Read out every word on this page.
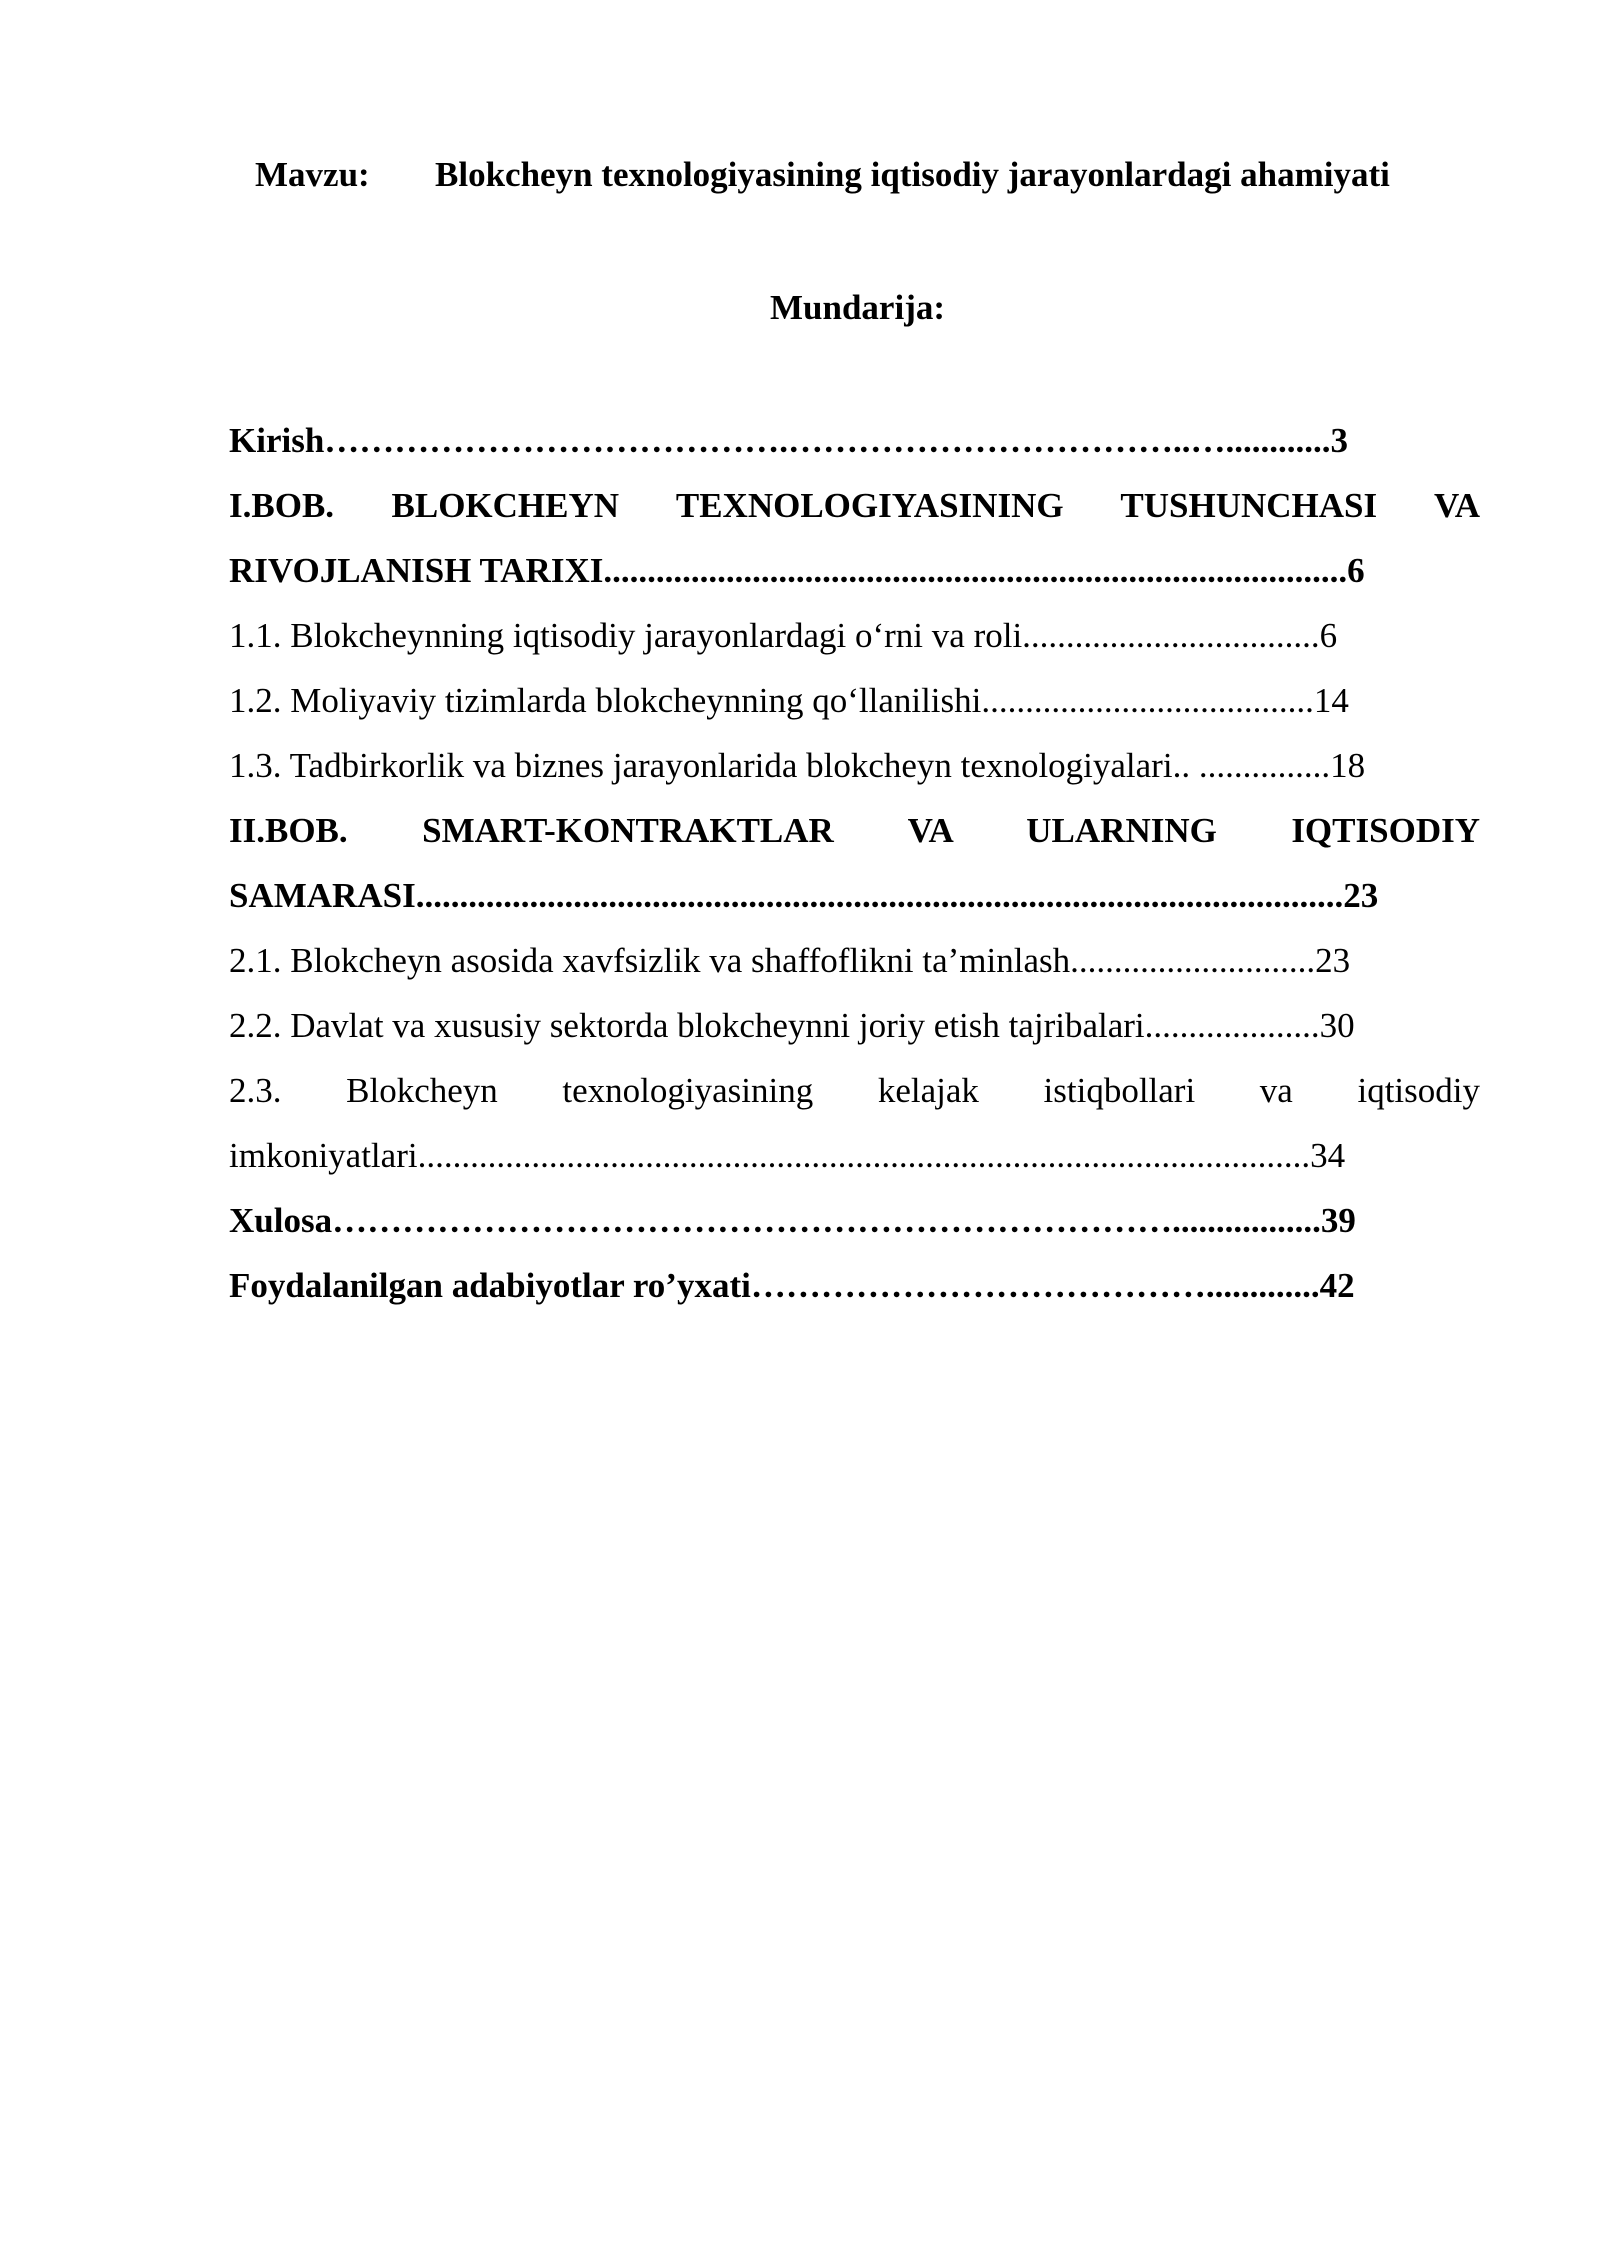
Mavzu: Blokcheyn texnologiyasining iqtisodiy jarayonlardagi ahamiyati
Mundarija:
Kirish………………………………….……………………………..…............3
I.BOB. BLOKCHEYN TEXNOLOGIYASINING TUSHUNCHASI VA
RIVOJLANISH TARIXI.....................................................................................6
1.1. Blokcheynning iqtisodiy jarayonlardagi o‘rni va roli..................................6
1.2. Moliyaviy tizimlarda blokcheynning qo‘llanilishi......................................14
1.3. Tadbirkorlik va biznes jarayonlarida blokcheyn texnologiyalari.. ...............18
II.BOB. SMART-KONTRAKTLAR VA ULARNING IQTISODIY
SAMARASI..........................................................................................................23
2.1. Blokcheyn asosida xavfsizlik va shaffoflikni ta’minlash............................23
2.2. Davlat va xususiy sektorda blokcheynni joriy etish tajribalari....................30
2.3. Blokcheyn texnologiyasining kelajak istiqbollari va iqtisodiy
imkoniyatlari......................................................................................................34
Xulosa……………………………………………………………….................39
Foydalanilgan adabiyotlar ro’yxati………………………………….............42
